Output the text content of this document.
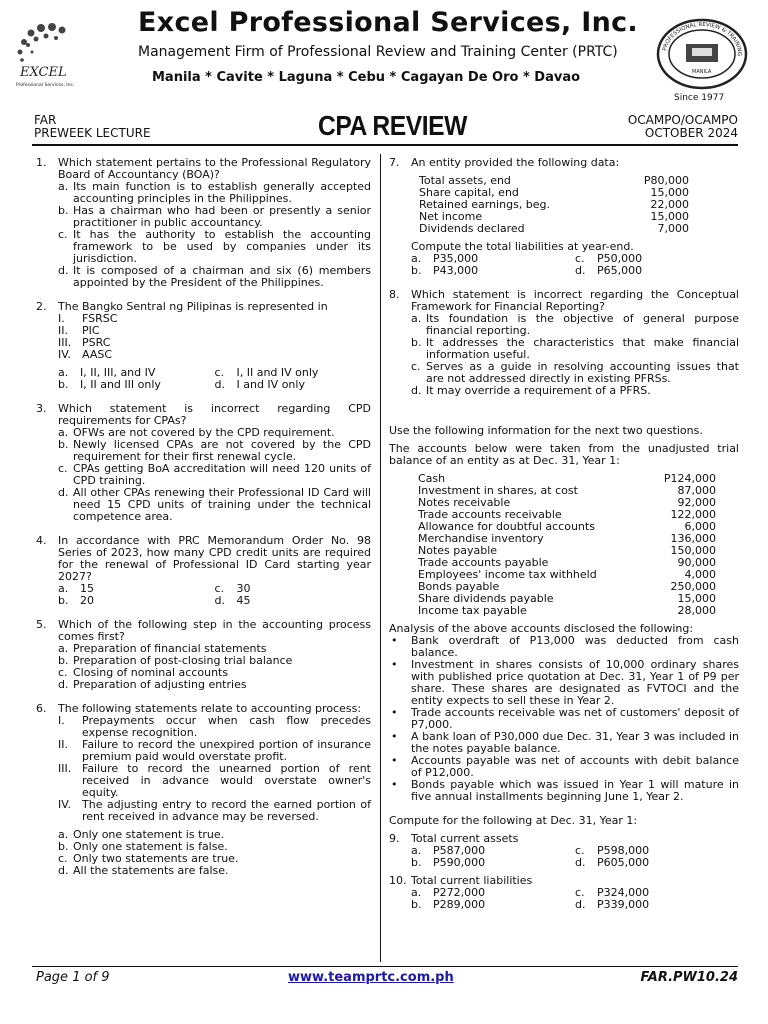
EXCEL
Professional Services, Inc.
Excel Professional Services, Inc.
Management Firm of Professional Review and Training Center (PRTC)
Manila * Cavite * Laguna * Cebu * Cagayan De Oro * Davao
PROFESSIONAL REVIEW & TRAINING
MANILA
Since 1977
FAR
PREWEEK LECTURE	CPA REVIEW	OCAMPO/OCAMPO
OCTOBER 2024
1.	Which statement pertains to the Professional Regulatory Board of Accountancy (BOA)?
a. Its main function is to establish generally accepted accounting principles in the Philippines.
b. Has a chairman who had been or presently a senior practitioner in public accountancy.
c. It has the authority to establish the accounting framework to be used by companies under its jurisdiction.
d. It is composed of a chairman and six (6) members appointed by the President of the Philippines.
2.	The Bangko Sentral ng Pilipinas is represented in
I.	FSRSC
II.	PIC
III. PSRC
IV.	AASC
a.	I, II, III, and IV	c.	I, II and IV only
b.	I, II and III only	d.	I and IV only
3.	Which statement is incorrect regarding CPD requirements for CPAs?
a. OFWs are not covered by the CPD requirement.
b. Newly licensed CPAs are not covered by the CPD requirement for their first renewal cycle.
c. CPAs getting BoA accreditation will need 120 units of CPD training.
d. All other CPAs renewing their Professional ID Card will need 15 CPD units of training under the technical competence area.
4.	In accordance with PRC Memorandum Order No. 98 Series of 2023, how many CPD credit units are required for the renewal of Professional ID Card starting year 2027?
a.	15	c.	30
b.	20	d.	45
5.	Which of the following step in the accounting process comes first?
a. Preparation of financial statements
b. Preparation of post-closing trial balance
c. Closing of nominal accounts
d. Preparation of adjusting entries
6.	The following statements relate to accounting process:
I.	Prepayments occur when cash flow precedes expense recognition.
II.	Failure to record the unexpired portion of insurance premium paid would overstate profit.
III. Failure to record the unearned portion of rent received in advance would overstate owner's equity.
IV.	The adjusting entry to record the earned portion of rent received in advance may be reversed.
a. Only one statement is true.
b. Only one statement is false.
c. Only two statements are true.
d. All the statements are false.
7.	An entity provided the following data:
Total assets, end	P80,000
Share capital, end	15,000
Retained earnings, beg.	22,000
Net income	15,000
Dividends declared	7,000
Compute the total liabilities at year-end.
a.	P35,000	c.	P50,000
b.	P43,000	d.	P65,000
8.	Which statement is incorrect regarding the Conceptual Framework for Financial Reporting?
a. Its foundation is the objective of general purpose financial reporting.
b. It addresses the characteristics that make financial information useful.
c. Serves as a guide in resolving accounting issues that are not addressed directly in existing PFRSs.
d. It may override a requirement of a PFRS.
Use the following information for the next two questions.
The accounts below were taken from the unadjusted trial balance of an entity as at Dec. 31, Year 1:
Cash	P124,000
Investment in shares, at cost	87,000
Notes receivable	92,000
Trade accounts receivable	122,000
Allowance for doubtful accounts	6,000
Merchandise inventory	136,000
Notes payable	150,000
Trade accounts payable	90,000
Employees' income tax withheld	4,000
Bonds payable	250,000
Share dividends payable	15,000
Income tax payable	28,000
Analysis of the above accounts disclosed the following:
•	Bank overdraft of P13,000 was deducted from cash balance.
•	Investment in shares consists of 10,000 ordinary shares with published price quotation at Dec. 31, Year 1 of P9 per share. These shares are designated as FVTOCI and the entity expects to sell these in Year 2.
•	Trade accounts receivable was net of customers' deposit of P7,000.
•	A bank loan of P30,000 due Dec. 31, Year 3 was included in the notes payable balance.
•	Accounts payable was net of accounts with debit balance of P12,000.
•	Bonds payable which was issued in Year 1 will mature in five annual installments beginning June 1, Year 2.
Compute for the following at Dec. 31, Year 1:
9.	Total current assets
a.	P587,000	c.	P598,000
b.	P590,000	d.	P605,000
10. Total current liabilities
a.	P272,000	c.	P324,000
b.	P289,000	d.	P339,000
Page 1 of 9	www.teamprtc.com.ph	FAR.PW10.24
